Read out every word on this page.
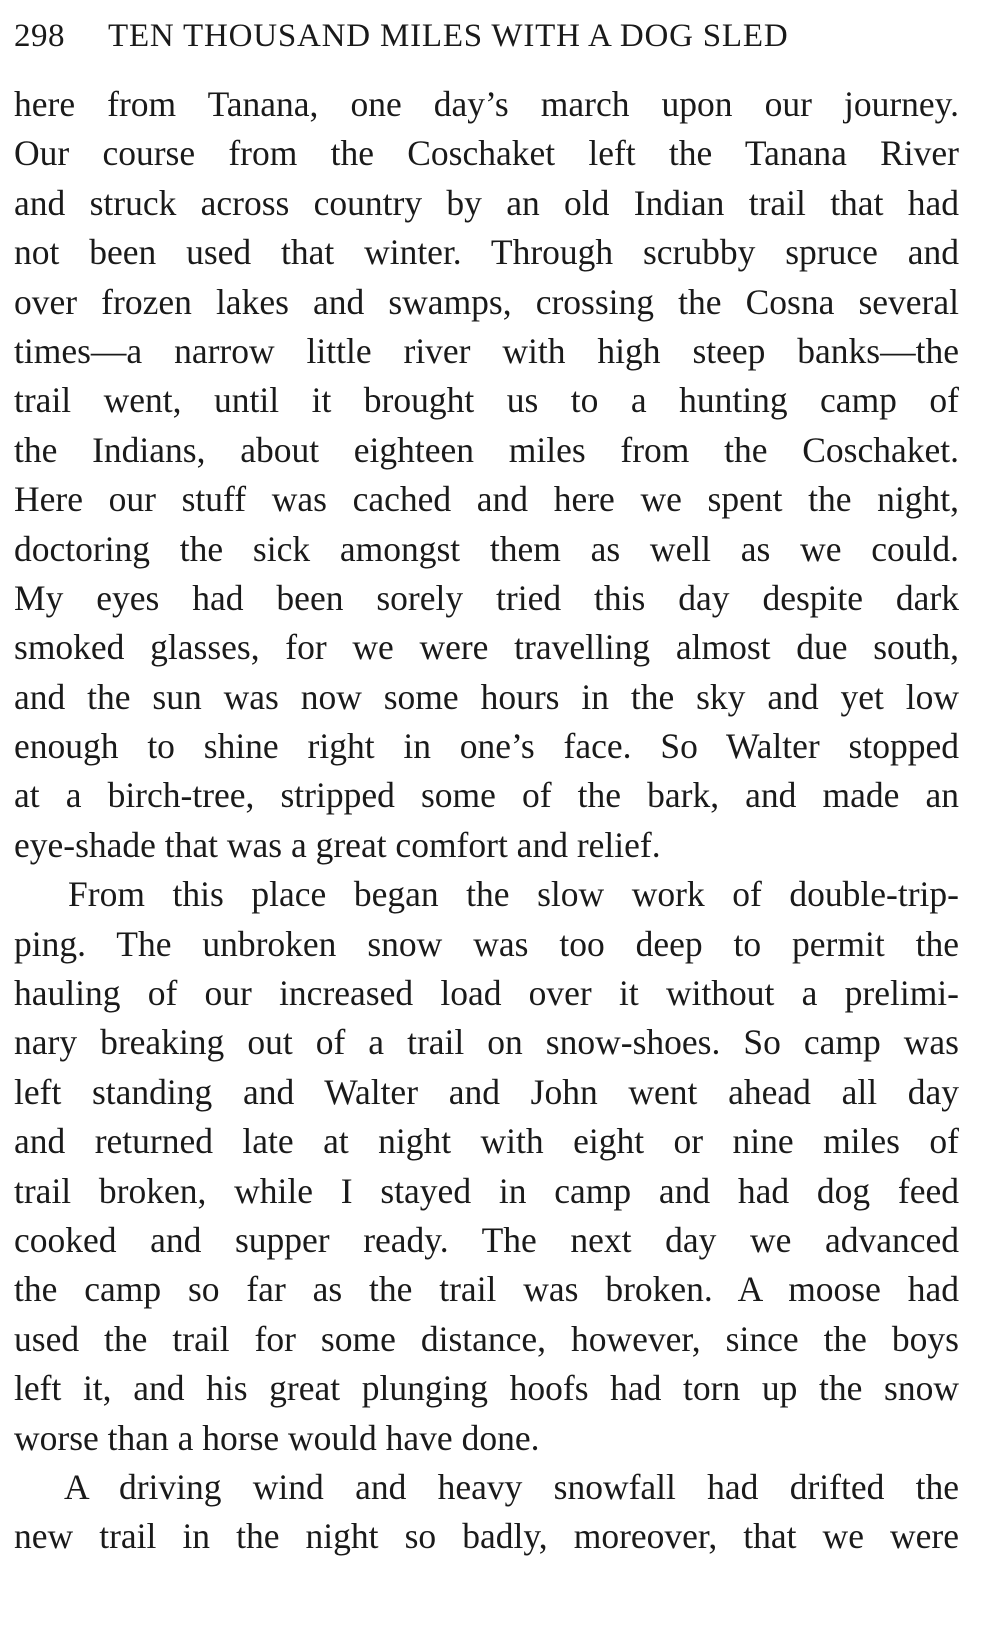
298 TEN THOUSAND MILES WITH A DOG SLED
here from Tanana, one day’s march upon our journey.
Our course from the Coschaket left the Tanana River
and struck across country by an old Indian trail that had
not been used that winter. Through scrubby spruce and
over frozen lakes and swamps, crossing the Cosna several
times—a narrow little river with high steep banks—the
trail went, until it brought us to a hunting camp of
the Indians, about eighteen miles from the Coschaket.
Here our stuff was cached and here we spent the night,
doctoring the sick amongst them as well as we could.
My eyes had been sorely tried this day despite dark
smoked glasses, for we were travelling almost due south,
and the sun was now some hours in the sky and yet low
enough to shine right in one’s face. So Walter stopped
at a birch-tree, stripped some of the bark, and made an
eye-shade that was a great comfort and relief.
From this place began the slow work of double-trip-
ping. The unbroken snow was too deep to permit the
hauling of our increased load over it without a prelimi-
nary breaking out of a trail on snow-shoes. So camp was
left standing and Walter and John went ahead all day
and returned late at night with eight or nine miles of
trail broken, while I stayed in camp and had dog feed
cooked and supper ready. The next day we advanced
the camp so far as the trail was broken. A moose had
used the trail for some distance, however, since the boys
left it, and his great plunging hoofs had torn up the snow
worse than a horse would have done.
A driving wind and heavy snowfall had drifted the
new trail in the night so badly, moreover, that we were
